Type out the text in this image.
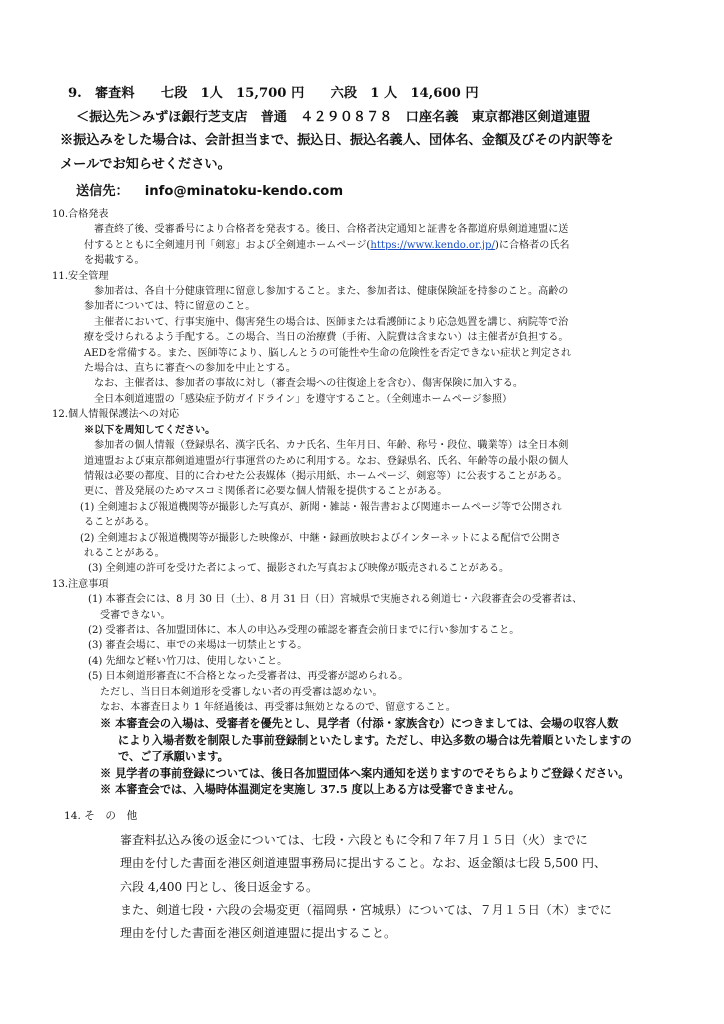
9.　審査料　　七段　1人　15,700 円　　六段　1 人　14,600 円
＜振込先＞みずほ銀行芝支店　普通　４２９０８７８　口座名義　東京都港区剣道連盟
※振込みをした場合は、会計担当まで、振込日、振込名義人、団体名、金額及びその内訳等を
メールでお知らせください。
送信先： info@minatoku-kendo.com
10.合格発表
審査終了後、受審番号により合格者を発表する。後日、合格者決定通知と証書を各都道府県剣道連盟に送
付するとともに全剣連月刊「剣窓」および全剣連ホームページ(https://www.kendo.or.jp/)に合格者の氏名
を掲載する。
11.安全管理
参加者は、各自十分健康管理に留意し参加すること。また、参加者は、健康保険証を持参のこと。高齢の
参加者については、特に留意のこと。
主催者において、行事実施中、傷害発生の場合は、医師または看護師により応急処置を講じ、病院等で治
療を受けられるよう手配する。この場合、当日の治療費（手術、入院費は含まない）は主催者が負担する。
AEDを常備する。また、医師等により、脳しんとうの可能性や生命の危険性を否定できない症状と判定され
た場合は、直ちに審査への参加を中止とする。
なお、主催者は、参加者の事故に対し（審査会場への往復途上を含む）、傷害保険に加入する。
全日本剣道連盟の「感染症予防ガイドライン」を遵守すること。（全剣連ホームページ参照）
12.個人情報保護法への対応
※以下を周知してください。
参加者の個人情報（登録県名、漢字氏名、カナ氏名、生年月日、年齢、称号・段位、職業等）は全日本剣
道連盟および東京都剣道連盟が行事運営のために利用する。なお、登録県名、氏名、年齢等の最小限の個人
情報は必要の都度、目的に合わせた公表媒体（掲示用紙、ホームページ、剣窓等）に公表することがある。
更に、普及発展のためマスコミ関係者に必要な個人情報を提供することがある。
(1) 全剣連および報道機関等が撮影した写真が、新聞・雑誌・報告書および関連ホームページ等で公開され
ることがある。
(2) 全剣連および報道機関等が撮影した映像が、中継・録画放映およびインターネットによる配信で公開さ
れることがある。
(3) 全剣連の許可を受けた者によって、撮影された写真および映像が販売されることがある。
13.注意事項
(1) 本審査会には、8 月 30 日（土）、8 月 31 日（日）宮城県で実施される剣道七・六段審査会の受審者は、
受審できない。
(2) 受審者は、各加盟団体に、本人の申込み受理の確認を審査会前日までに行い参加すること。
(3) 審査会場に、車での来場は一切禁止とする。
(4) 先細など軽い竹刀は、使用しないこと。
(5) 日本剣道形審査に不合格となった受審者は、再受審が認められる。
ただし、当日日本剣道形を受審しない者の再受審は認めない。
なお、本審査日より 1 年経過後は、再受審は無効となるので、留意すること。
※ 本審査会の入場は、受審者を優先とし、見学者（付添・家族含む）につきましては、会場の収容人数
により入場者数を制限した事前登録制といたします。ただし、申込多数の場合は先着順といたしますの
で、ご了承願います。
※ 見学者の事前登録については、後日各加盟団体へ案内通知を送りますのでそちらよりご登録ください。
※ 本審査会では、入場時体温測定を実施し 37.5 度以上ある方は受審できません。
14. そ　の　他
審査料払込み後の返金については、七段・六段ともに令和７年７月１５日（火）までに
理由を付した書面を港区剣道連盟事務局に提出すること。なお、返金額は七段 5,500 円、
六段 4,400 円とし、後日返金する。
また、剣道七段・六段の会場変更（福岡県・宮城県）については、７月１５日（木）までに
理由を付した書面を港区剣道連盟に提出すること。
